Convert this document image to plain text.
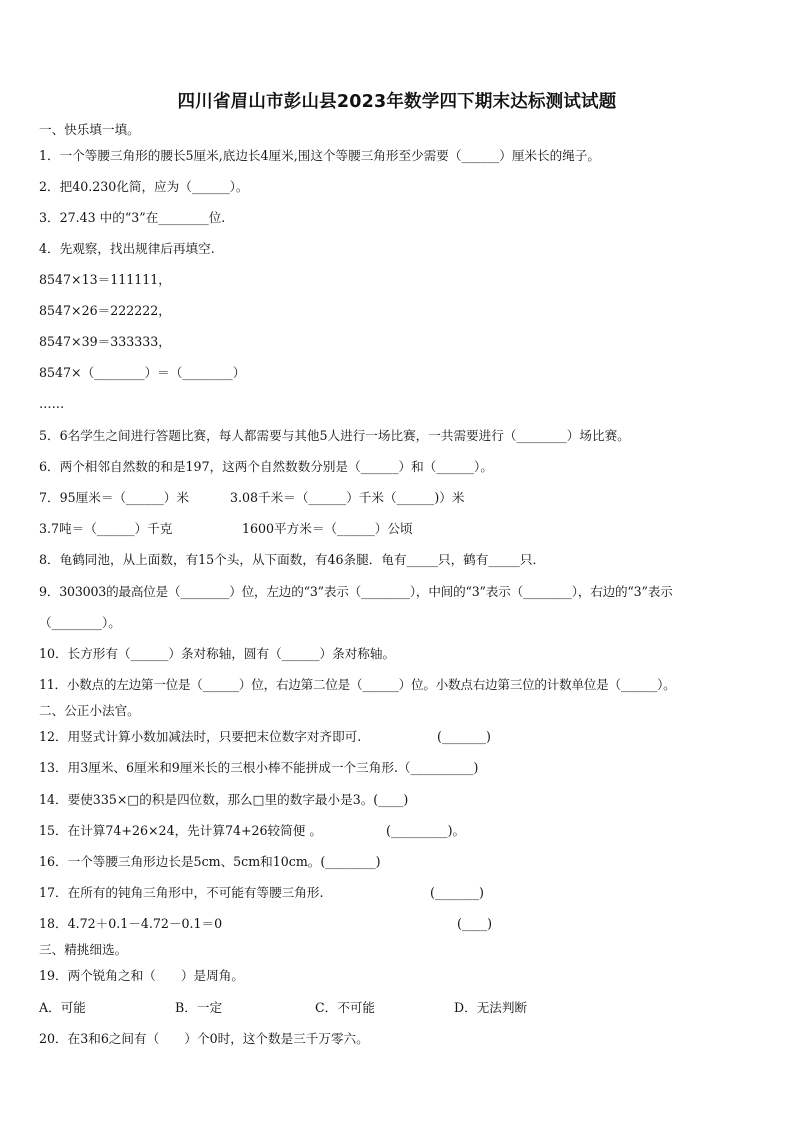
四川省眉山市彭山县2023年数学四下期末达标测试试题
一、快乐填一填。
1．一个等腰三角形的腰长5厘米,底边长4厘米,围这个等腰三角形至少需要（______）厘米长的绳子。
2．把40.230化简，应为（______）。
3．27.43 中的“3”在________位.
4．先观察，找出规律后再填空.
8547×13＝111111，
8547×26＝222222，
8547×39＝333333，
8547×（________）＝（________）
……
5．6名学生之间进行答题比赛，每人都需要与其他5人进行一场比赛，一共需要进行（________）场比赛。
6．两个相邻自然数的和是197，这两个自然数数分别是（______）和（______）。
7．95厘米＝（______）米	3.08千米＝（______）千米（______)）米
3.7吨＝（______）千克	1600平方米＝（______）公顷
8．龟鹤同池，从上面数，有15个头，从下面数，有46条腿．龟有_____只，鹤有_____只．
9．303003的最高位是（________）位，左边的“3”表示（________），中间的“3”表示（________），右边的“3”表示
（________）。
10．长方形有（______）条对称轴，圆有（______）条对称轴。
11．小数点的左边第一位是（______）位，右边第二位是（______）位。小数点右边第三位的计数单位是（______）。
二、公正小法官。
12．用竖式计算小数加减法时，只要把末位数字对齐即可.	(_______)
13．用3厘米、6厘米和9厘米长的三根小棒不能拼成一个三角形.（__________)
14．要使335×□的积是四位数，那么□里的数字最小是3。(____)
15．在计算74+26×24，先计算74+26较简便 。	(_________)。
16．一个等腰三角形边长是5cm、5cm和10cm。(________)
17．在所有的钝角三角形中，不可能有等腰三角形.	(_______)
18．4.72＋0.1－4.72－0.1＝0	(____)
三、精挑细选。
19．两个锐角之和（　　）是周角。
A．可能	B．一定	C．不可能	D．无法判断
20．在3和6之间有（　　）个0时，这个数是三千万零六。
